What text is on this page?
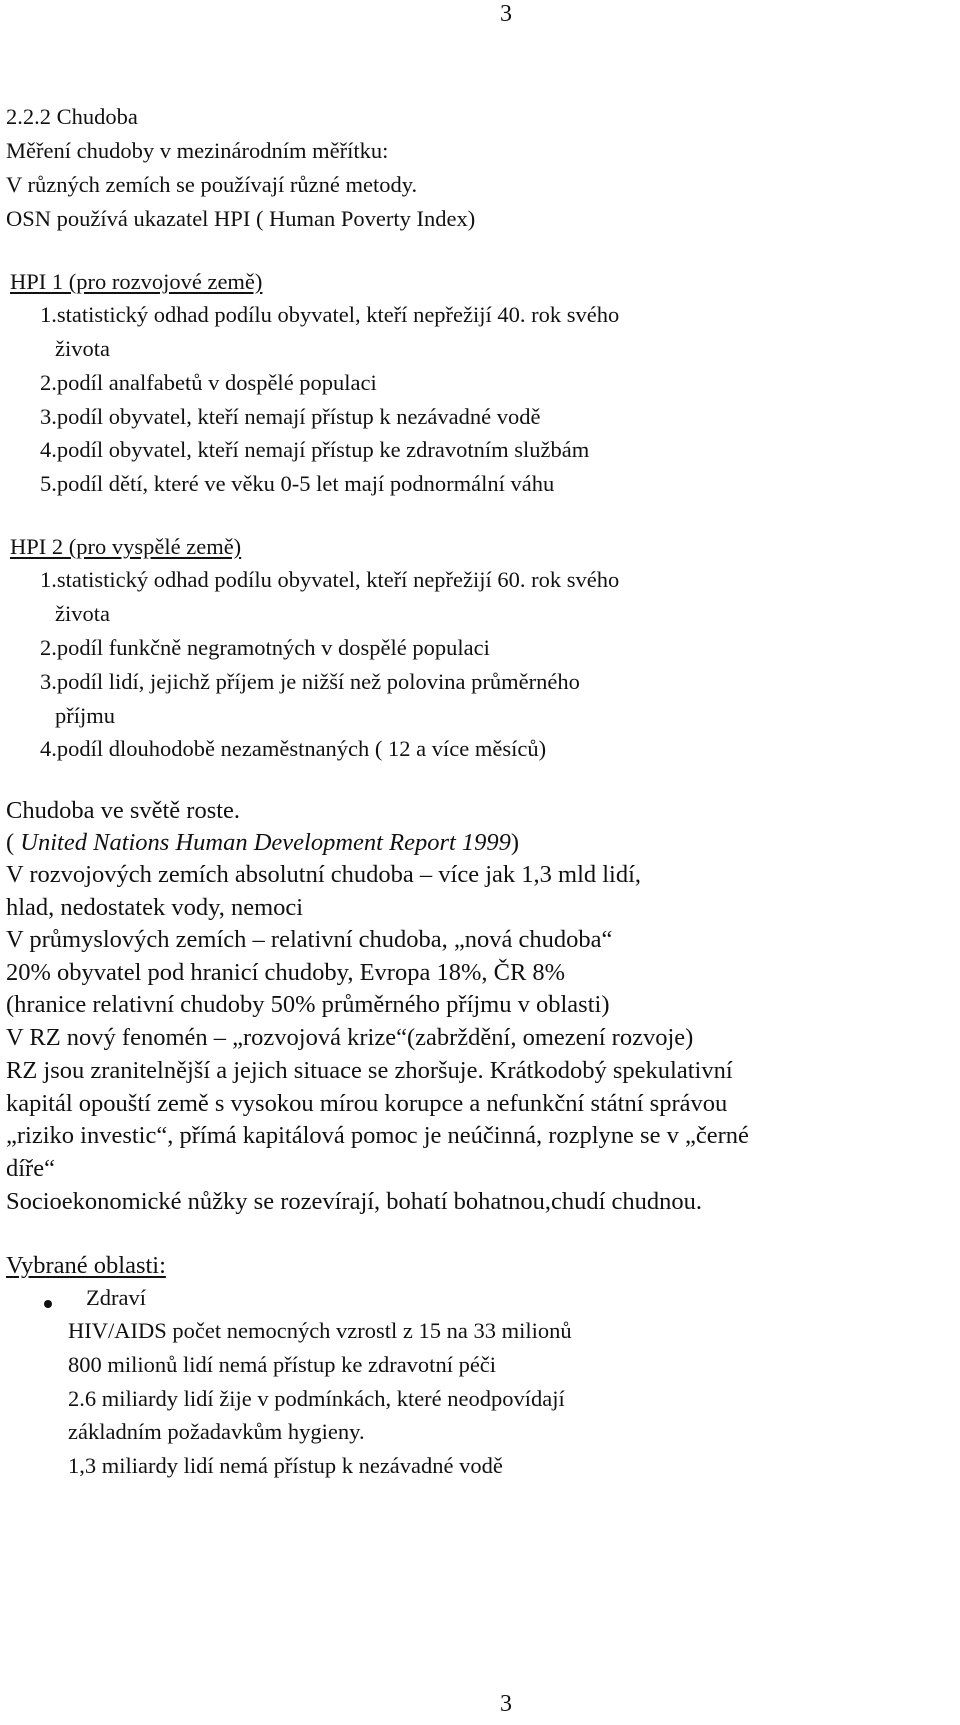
3
2.2.2 Chudoba
Měření chudoby v mezinárodním měřítku:
V různých zemích se používají různé metody.
OSN používá ukazatel HPI ( Human Poverty Index)
HPI 1 (pro rozvojové země)
1.statistický odhad podílu obyvatel, kteří nepřežijí 40. rok svého
života
2.podíl analfabetů v dospělé populaci
3.podíl obyvatel, kteří nemají přístup k nezávadné vodě
4.podíl obyvatel, kteří nemají přístup ke zdravotním službám
5.podíl dětí, které ve věku 0-5 let mají podnormální váhu
HPI 2 (pro vyspělé země)
1.statistický odhad podílu obyvatel, kteří nepřežijí 60. rok svého
života
2.podíl funkčně negramotných v dospělé populaci
3.podíl lidí, jejichž příjem je nižší než polovina průměrného
příjmu
4.podíl dlouhodobě nezaměstnaných ( 12 a více měsíců)
Chudoba ve světě roste.
( United Nations Human Development Report 1999)
V rozvojových zemích absolutní chudoba – více jak 1,3 mld lidí,
hlad, nedostatek vody, nemoci
V průmyslových zemích – relativní chudoba, „nová chudoba“
20% obyvatel pod hranicí chudoby, Evropa 18%, ČR 8%
(hranice relativní chudoby 50% průměrného příjmu v oblasti)
V RZ nový fenomén – „rozvojová krize“(zabrždění, omezení rozvoje)
RZ jsou zranitelnější a jejich situace se zhoršuje. Krátkodobý spekulativní
kapitál opouští země s vysokou mírou korupce a nefunkční státní správou
„riziko investic“, přímá kapitálová pomoc je neúčinná, rozplyne se v „černé
díře“
Socioekonomické nůžky se rozevírají, bohatí bohatnou,chudí chudnou.
Vybrané oblasti:
Zdraví
HIV/AIDS počet nemocných vzrostl z 15 na 33 milionů
800 milionů lidí nemá přístup ke zdravotní péči
2.6 miliardy lidí žije v podmínkách, které neodpovídají
základním požadavkům hygieny.
1,3 miliardy lidí nemá přístup k nezávadné vodě
3
